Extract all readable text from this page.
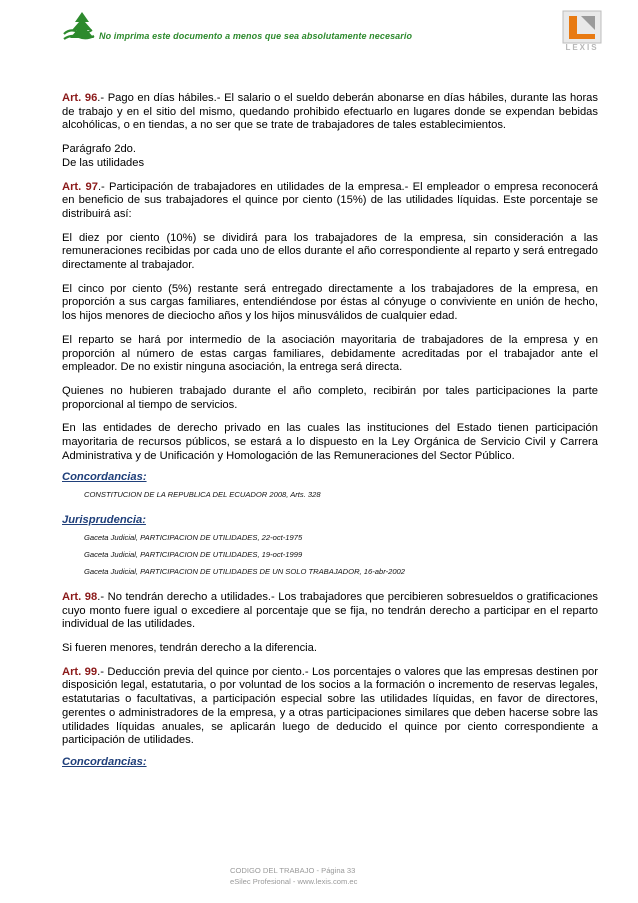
No imprima este documento a menos que sea absolutamente necesario
LEXIS

Art. 96.- Pago en días hábiles.- El salario o el sueldo deberán abonarse en días hábiles, durante las horas de trabajo y en el sitio del mismo, quedando prohibido efectuarlo en lugares donde se expendan bebidas alcohólicas, o en tiendas, a no ser que se trate de trabajadores de tales establecimientos.

Parágrafo 2do.

De las utilidades

Art. 97.- Participación de trabajadores en utilidades de la empresa.- El empleador o empresa reconocerá en beneficio de sus trabajadores el quince por ciento (15%) de las utilidades líquidas. Este porcentaje se distribuirá así:

El diez por ciento (10%) se dividirá para los trabajadores de la empresa, sin consideración a las remuneraciones recibidas por cada uno de ellos durante el año correspondiente al reparto y será entregado directamente al trabajador.

El cinco por ciento (5%) restante será entregado directamente a los trabajadores de la empresa, en proporción a sus cargas familiares, entendiéndose por éstas al cónyuge o conviviente en unión de hecho, los hijos menores de dieciocho años y los hijos minusválidos de cualquier edad.

El reparto se hará por intermedio de la asociación mayoritaria de trabajadores de la empresa y en proporción al número de estas cargas familiares, debidamente acreditadas por el trabajador ante el empleador. De no existir ninguna asociación, la entrega será directa.

Quienes no hubieren trabajado durante el año completo, recibirán por tales participaciones la parte proporcional al tiempo de servicios.

En las entidades de derecho privado en las cuales las instituciones del Estado tienen participación mayoritaria de recursos públicos, se estará a lo dispuesto en la Ley Orgánica de Servicio Civil y Carrera Administrativa y de Unificación y Homologación de las Remuneraciones del Sector Público.

Concordancias:
CONSTITUCION DE LA REPUBLICA DEL ECUADOR 2008, Arts. 328
Jurisprudencia:
Gaceta Judicial, PARTICIPACION DE UTILIDADES, 22-oct-1975
Gaceta Judicial, PARTICIPACION DE UTILIDADES, 19-oct-1999
Gaceta Judicial, PARTICIPACION DE UTILIDADES DE UN SOLO TRABAJADOR, 16-abr-2002

Art. 98.- No tendrán derecho a utilidades.- Los trabajadores que percibieren sobresueldos o gratificaciones cuyo monto fuere igual o excediere al porcentaje que se fija, no tendrán derecho a participar en el reparto individual de las utilidades.

Si fueren menores, tendrán derecho a la diferencia.

Art. 99.- Deducción previa del quince por ciento.- Los porcentajes o valores que las empresas destinen por disposición legal, estatutaria, o por voluntad de los socios a la formación o incremento de reservas legales, estatutarias o facultativas, a participación especial sobre las utilidades líquidas, en favor de directores, gerentes o administradores de la empresa, y a otras participaciones similares que deben hacerse sobre las utilidades líquidas anuales, se aplicarán luego de deducido el quince por ciento correspondiente a participación de utilidades.

Concordancias:
CODIGO DEL TRABAJO - Página 33
eSilec Profesional - www.lexis.com.ec
